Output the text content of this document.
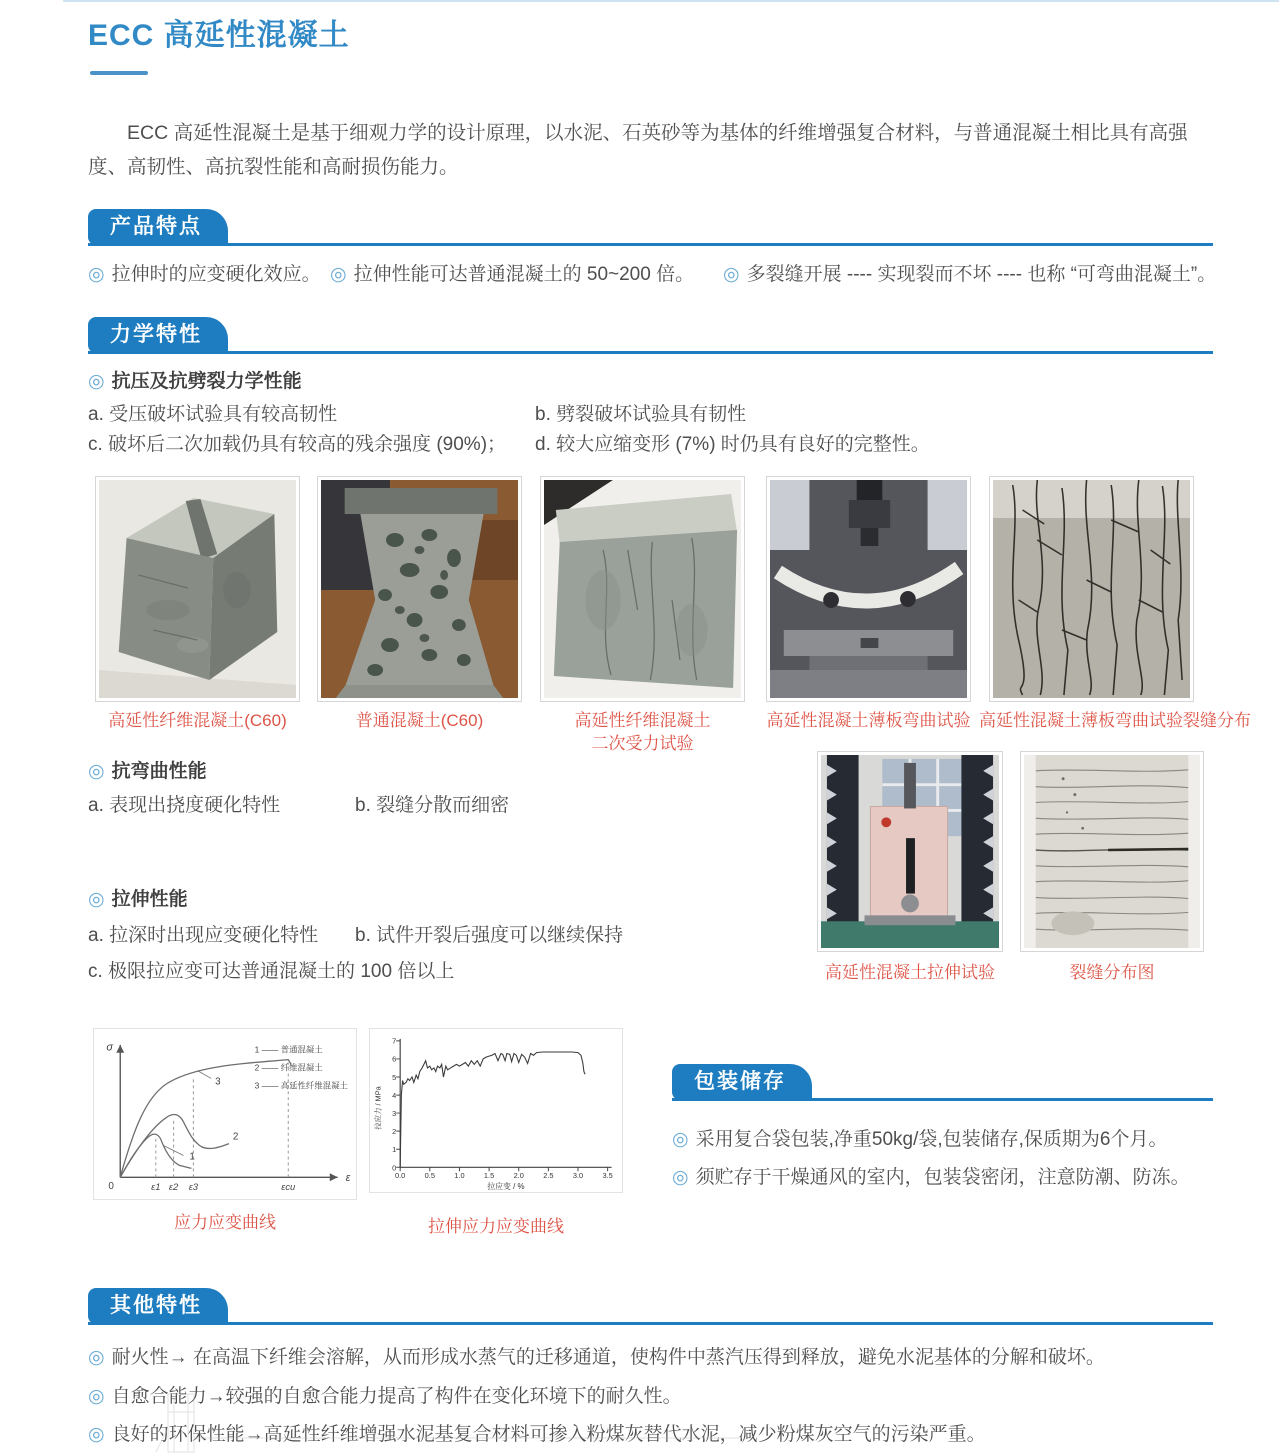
ECC 高延性混凝土
ECC 高延性混凝土是基于细观力学的设计原理，以水泥、石英砂等为基体的纤维增强复合材料，与普通混凝土相比具有高强度、高韧性、高抗裂性能和高耐损伤能力。
产品特点
◎ 拉伸时的应变硬化效应。 ◎ 拉伸性能可达普通混凝土的 50~200 倍。 ◎ 多裂缝开展 ---- 实现裂而不坏 ---- 也称 “可弯曲混凝土”。
力学特性
◎ 抗压及抗劈裂力学性能
a. 受压破坏试验具有较高韧性	b. 劈裂破坏试验具有韧性
c. 破坏后二次加载仍具有较高的残余强度 (90%)； d. 较大应缩变形 (7%) 时仍具有良好的完整性。
高延性纤维混凝土(C60)	普通混凝土(C60)	高延性纤维混凝土
二次受力试验
高延性混凝土薄板弯曲试验 高延性混凝土薄板弯曲试验裂缝分布
◎ 抗弯曲性能
a. 表现出挠度硬化特性	b. 裂缝分散而细密
高延性混凝土拉伸试验	裂缝分布图
◎ 拉伸性能
a. 拉深时出现应变硬化特性 b. 试件开裂后强度可以继续保持
c. 极限拉应变可达普通混凝土的 100 倍以上
σ
ε
0
1
2
3
ε1 ε2 ε3	εcu
1 —— 普通混凝土
2 —— 纤维混凝土
3 —— 高延性纤维混凝土
应力应变曲线
0.0	0.5	1.0	1.5	2.0	2.5	3.0	3.5
0
1
2
3
4
5
6
7
拉应力 / MPa
拉应变 / %
拉伸应力应变曲线
包装储存
◎ 采用复合袋包装,净重50kg/袋,包装储存,保质期为6个月。
◎ 须贮存于干燥通风的室内，包装袋密闭，注意防潮、防冻。
其他特性
◎ 耐火性→ 在高温下纤维会溶解，从而形成水蒸气的迁移通道，使构件中蒸汽压得到释放，避免水泥基体的分解和破坏。
◎ 自愈合能力→较强的自愈合能力提高了构件在变化环境下的耐久性。
◎ 良好的环保性能→高延性纤维增强水泥基复合材料可掺入粉煤灰替代水泥，减少粉煤灰空气的污染严重。
